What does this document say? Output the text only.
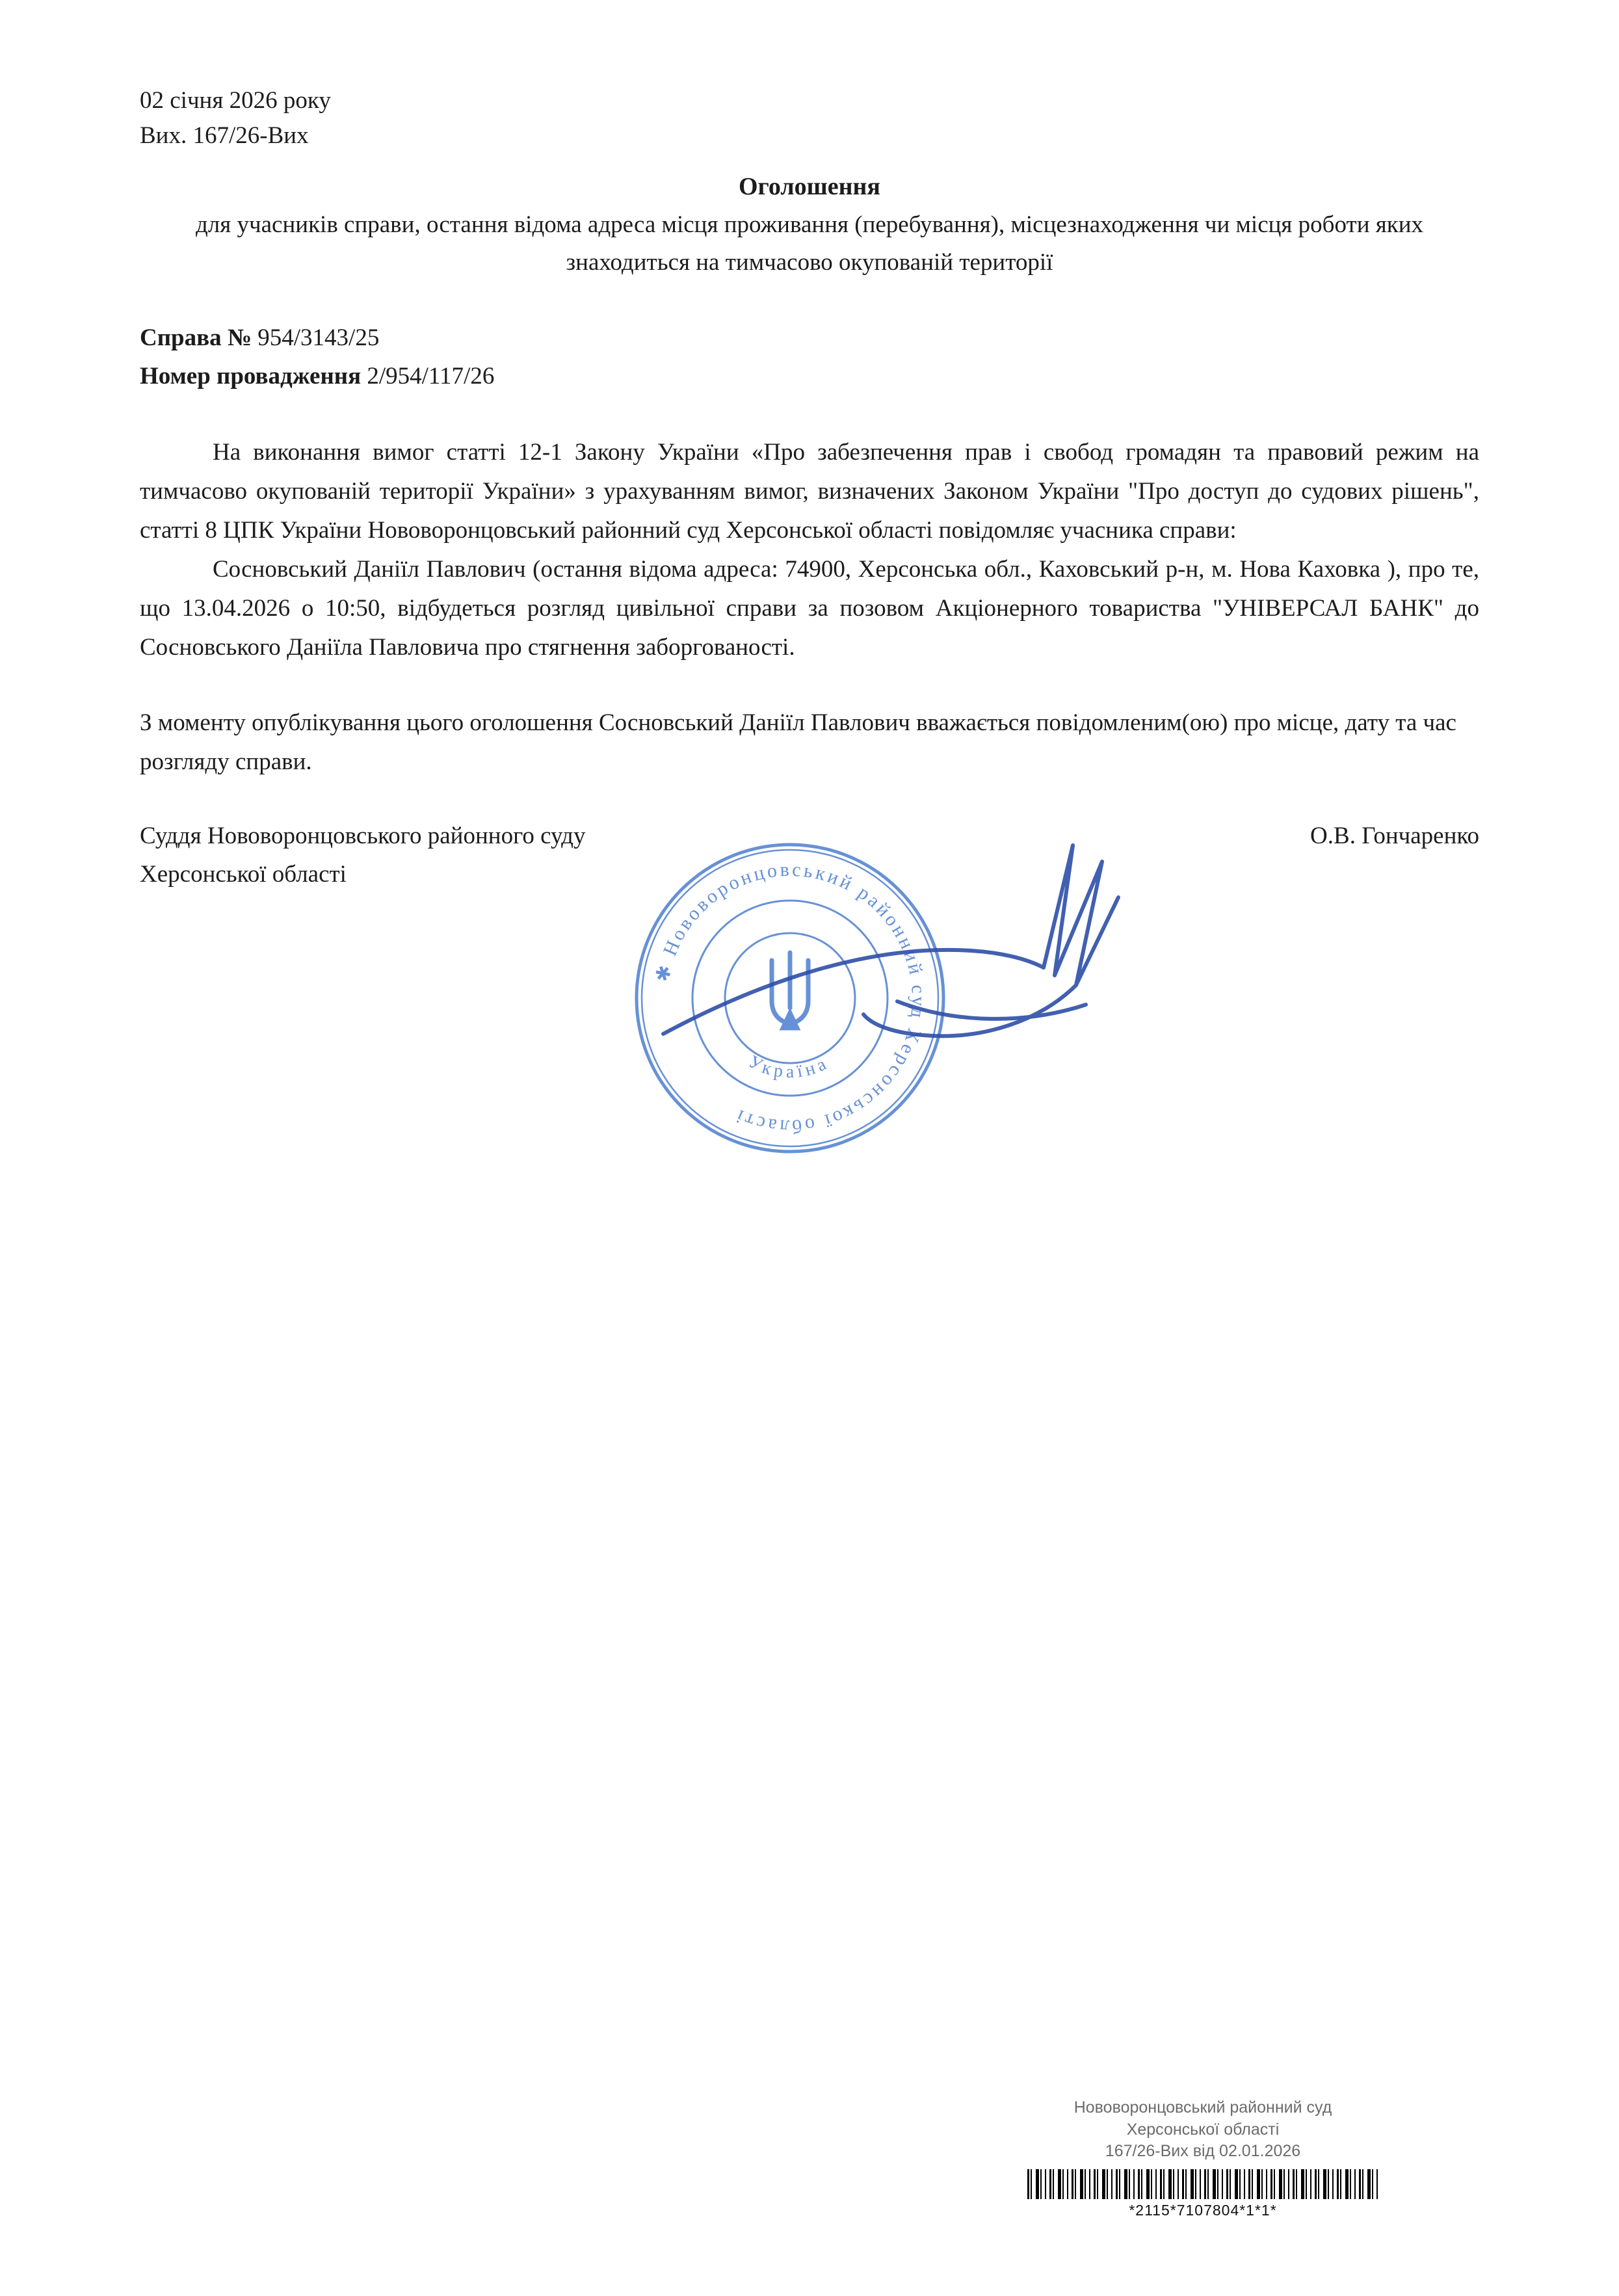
02 січня 2026 року
Вих. 167/26-Вих
Оголошення
для учасників справи, остання відома адреса місця проживання (перебування), місцезнаходження чи місця роботи яких знаходиться на тимчасово окупованій території
Справа № 954/3143/25
Номер провадження 2/954/117/26

На виконання вимог статті 12-1 Закону України «Про забезпечення прав і свобод громадян та правовий режим на тимчасово окупованій території України» з урахуванням вимог, визначених Законом України "Про доступ до судових рішень", статті 8 ЦПК України Нововоронцовський районний суд Херсонської області повідомляє учасника справи:

Сосновський Даніїл Павлович (остання відома адреса: 74900, Херсонська обл., Каховський р-н, м. Нова Каховка ), про те, що 13.04.2026 о 10:50, відбудеться розгляд цивільної справи за позовом Акціонерного товариства "УНІВЕРСАЛ БАНК" до Сосновського Даніїла Павловича про стягнення заборгованості.

З моменту опублікування цього оголошення Сосновський Даніїл Павлович вважається повідомленим(ою) про місце, дату та час розгляду справи.

Суддя Нововоронцовського районного суду
Херсонської області
О.В. Гончаренко
✱ Нововоронцовський районний суд Херсонської області
Україна
Нововоронцовський районний суд
Херсонської області
167/26-Вих від 02.01.2026
*2115*7107804*1*1*
